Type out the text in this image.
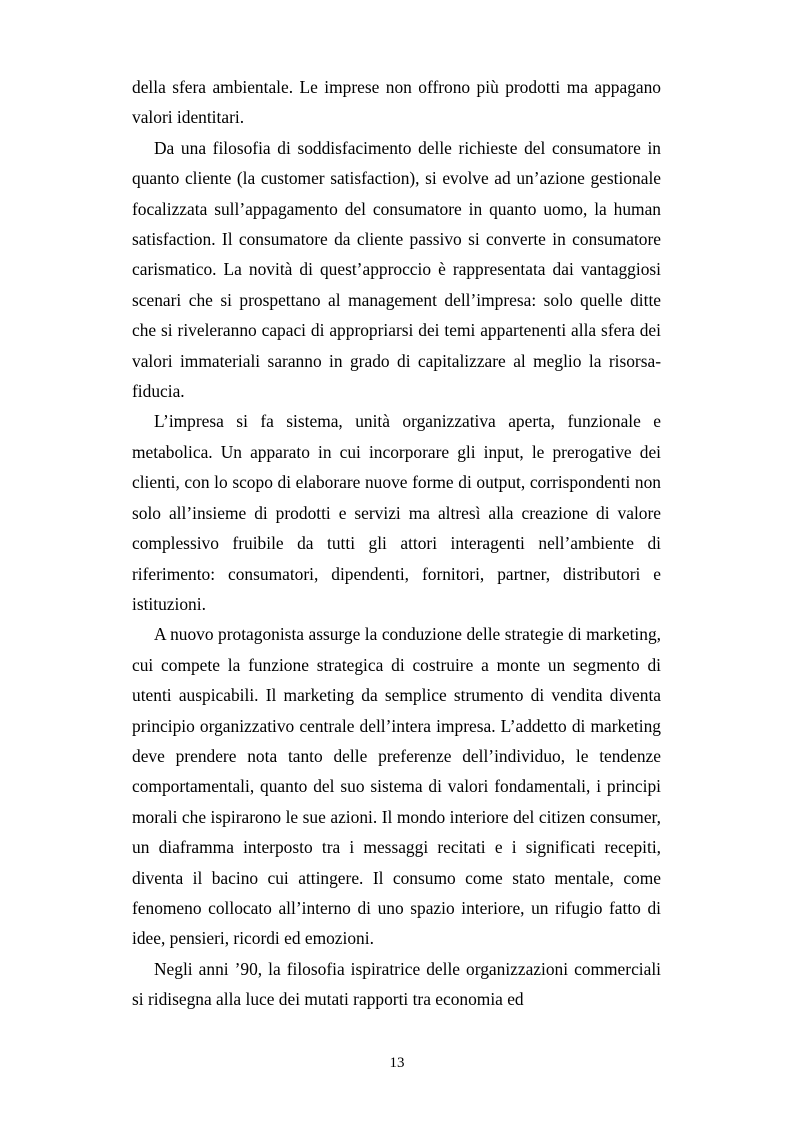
della sfera ambientale. Le imprese non offrono più prodotti ma appagano valori identitari.

Da una filosofia di soddisfacimento delle richieste del consumatore in quanto cliente (la customer satisfaction), si evolve ad un’azione gestionale focalizzata sull’appagamento del consumatore in quanto uomo, la human satisfaction. Il consumatore da cliente passivo si converte in consumatore carismatico. La novità di quest’approccio è rappresentata dai vantaggiosi scenari che si prospettano al management dell’impresa: solo quelle ditte che si riveleranno capaci di appropriarsi dei temi appartenenti alla sfera dei valori immateriali saranno in grado di capitalizzare al meglio la risorsa-fiducia.

L’impresa si fa sistema, unità organizzativa aperta, funzionale e metabolica. Un apparato in cui incorporare gli input, le prerogative dei clienti, con lo scopo di elaborare nuove forme di output, corrispondenti non solo all’insieme di prodotti e servizi ma altresì alla creazione di valore complessivo fruibile da tutti gli attori interagenti nell’ambiente di riferimento: consumatori, dipendenti, fornitori, partner, distributori e istituzioni.

A nuovo protagonista assurge la conduzione delle strategie di marketing, cui compete la funzione strategica di costruire a monte un segmento di utenti auspicabili. Il marketing da semplice strumento di vendita diventa principio organizzativo centrale dell’intera impresa. L’addetto di marketing deve prendere nota tanto delle preferenze dell’individuo, le tendenze comportamentali, quanto del suo sistema di valori fondamentali, i principi morali che ispirarono le sue azioni. Il mondo interiore del citizen consumer, un diaframma interposto tra i messaggi recitati e i significati recepiti, diventa il bacino cui attingere. Il consumo come stato mentale, come fenomeno collocato all’interno di uno spazio interiore, un rifugio fatto di idee, pensieri, ricordi ed emozioni.

Negli anni ’90, la filosofia ispiratrice delle organizzazioni commerciali si ridisegna alla luce dei mutati rapporti tra economia ed

13
